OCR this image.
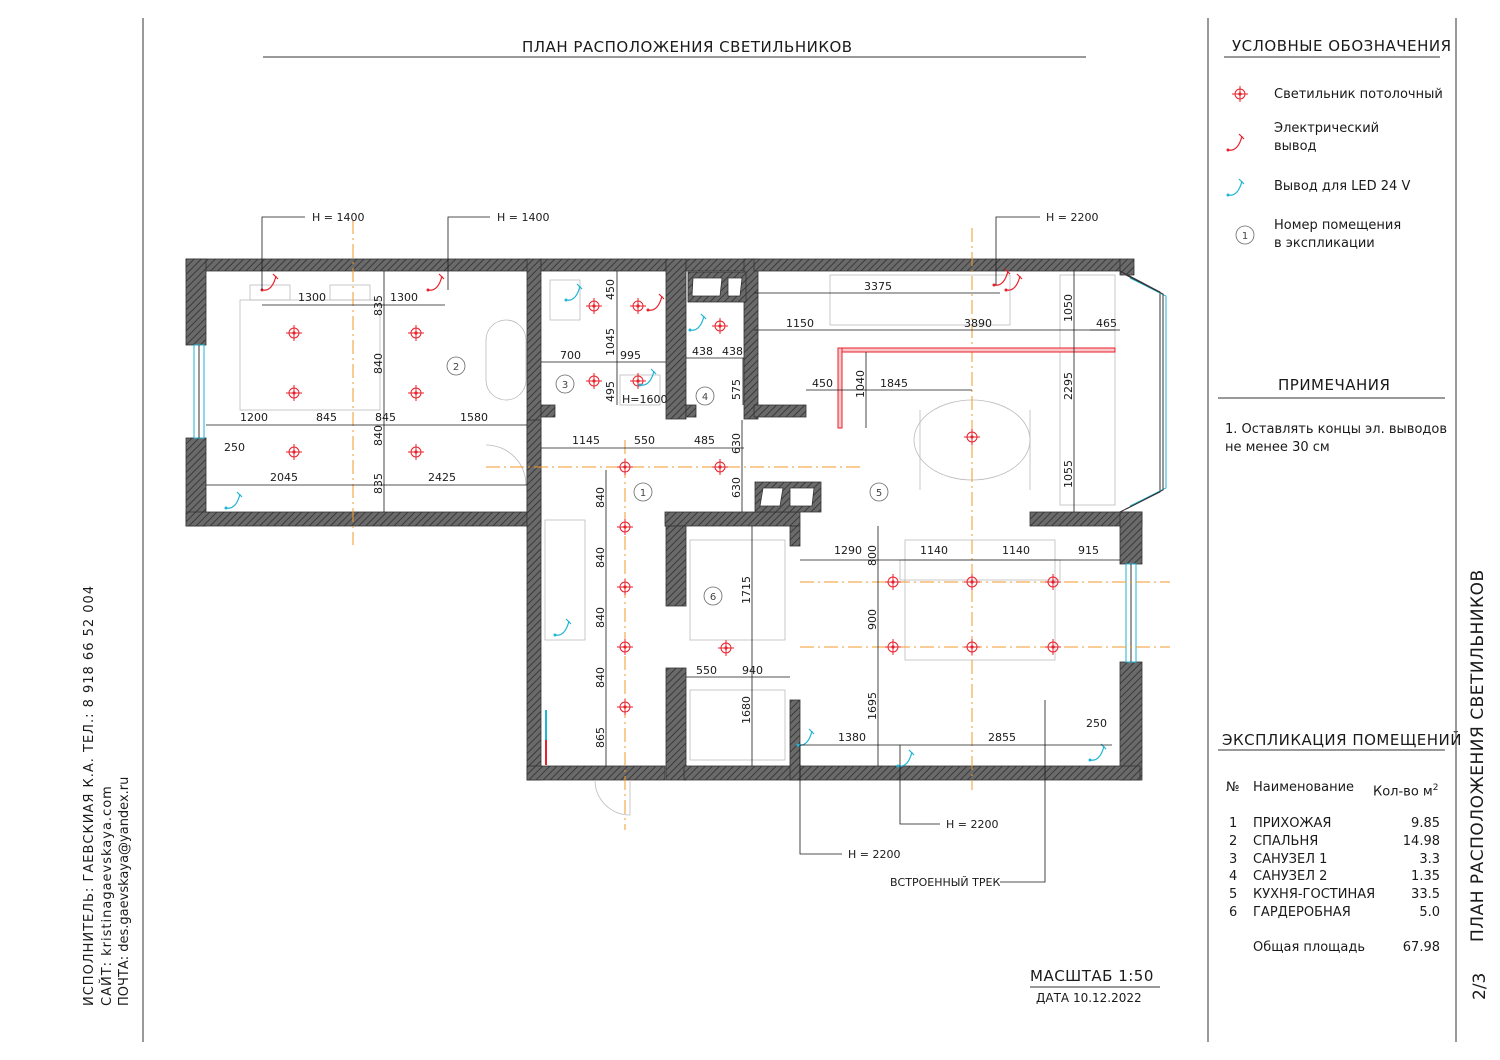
H = 1400	H = 1400	H = 2200
H = 2200
H = 2200
H=1600
ВСТРОЕННЫЙ ТРЕК
1300	1300
1200	845	845	1580
250
2045	2425
700	995	438 438
1145	550	485
3375
1150	3890	465
450	1845
1290	1140	1140	915
550 940
1380	2855
250
835
840
840
835
450
1045
495	575
630
630
840
840
840
840
865
1050
2295
1055
1040
800
900
1695
1715
1680
1
2
3
4
5
6
1
ПЛАН РАСПОЛОЖЕНИЯ СВЕТИЛЬНИКОВ	УСЛОВНЫЕ ОБОЗНАЧЕНИЯ
Светильник потолочный
Электрический
вывод
Вывод для LED 24 V
Номер помещения
в экспликации
ПРИМЕЧАНИЯ
1. Оставлять концы эл. выводов
не менее 30 см
ЭКСПЛИКАЦИЯ ПОМЕЩЕНИЙ
№ Наименование Кол-во $м^2$
1 ПРИХОЖАЯ	9.85
2 СПАЛЬНЯ	14.98
3 САНУЗЕЛ 1	3.3
4 САНУЗЕЛ 2	1.35
5 КУХНЯ-ГОСТИНАЯ	33.5
6 ГАРДЕРОБНАЯ	5.0
Общая площадь	67.98
МАСШТАБ 1:50
ДАТА 10.12.2022
ПЛАН РАСПОЛОЖЕНИЯ СВЕТИЛЬНИКОВ
2/3
ИСПОЛНИТЕЛЬ: ГАЕВСКИАЯ К.А. ТЕЛ.: 8 918 66 52 004 САЙТ: kristinagaevskaya.com ПОЧТА: des.gaevskaya@yandex.ru
